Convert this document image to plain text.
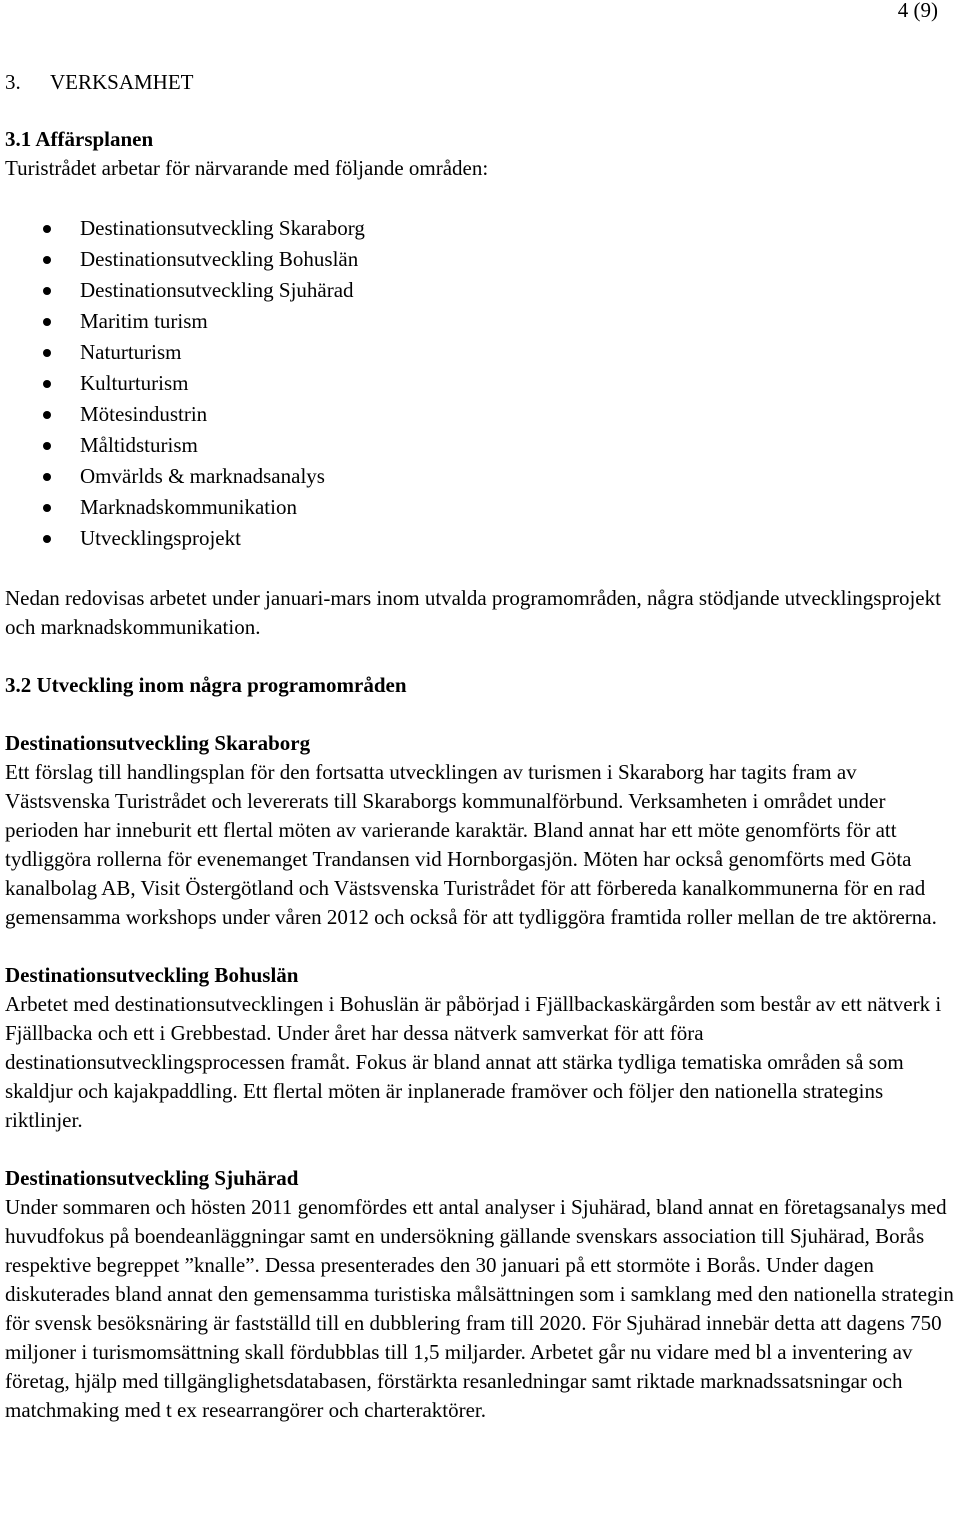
4 (9)

3. VERKSAMHET

3.1 Affärsplanen

Turistrådet arbetar för närvarande med följande områden:

Destinationsutveckling Skaraborg
Destinationsutveckling Bohuslän
Destinationsutveckling Sjuhärad
Maritim turism
Naturturism
Kulturturism
Mötesindustrin
Måltidsturism
Omvärlds & marknadsanalys
Marknadskommunikation
Utvecklingsprojekt

Nedan redovisas arbetet under januari-mars inom utvalda programområden, några stödjande utvecklingsprojekt och marknadskommunikation.

3.2 Utveckling inom några programområden

Destinationsutveckling Skaraborg

Ett förslag till handlingsplan för den fortsatta utvecklingen av turismen i Skaraborg har tagits fram av Västsvenska Turistrådet och levererats till Skaraborgs kommunalförbund. Verksamheten i området under perioden har inneburit ett flertal möten av varierande karaktär. Bland annat har ett möte genomförts för att tydliggöra rollerna för evenemanget Trandansen vid Hornborgasjön. Möten har också genomförts med Göta kanalbolag AB, Visit Östergötland och Västsvenska Turistrådet för att förbereda kanalkommunerna för en rad gemensamma workshops under våren 2012 och också för att tydliggöra framtida roller mellan de tre aktörerna.

Destinationsutveckling Bohuslän

Arbetet med destinationsutvecklingen i Bohuslän är påbörjad i Fjällbackaskärgården som består av ett nätverk i Fjällbacka och ett i Grebbestad. Under året har dessa nätverk samverkat för att föra destinationsutvecklingsprocessen framåt. Fokus är bland annat att stärka tydliga tematiska områden så som skaldjur och kajakpaddling. Ett flertal möten är inplanerade framöver och följer den nationella strategins riktlinjer.

Destinationsutveckling Sjuhärad

Under sommaren och hösten 2011 genomfördes ett antal analyser i Sjuhärad, bland annat en företagsanalys med huvudfokus på boendeanläggningar samt en undersökning gällande svenskars association till Sjuhärad, Borås respektive begreppet ”knalle”. Dessa presenterades den 30 januari på ett stormöte i Borås. Under dagen diskuterades bland annat den gemensamma turistiska målsättningen som i samklang med den nationella strategin för svensk besöksnäring är fastställd till en dubblering fram till 2020. För Sjuhärad innebär detta att dagens 750 miljoner i turismomsättning skall fördubblas till 1,5 miljarder. Arbetet går nu vidare med bl a inventering av företag, hjälp med tillgänglighetsdatabasen, förstärkta resanledningar samt riktade marknadssatsningar och matchmaking med t ex researrangörer och charteraktörer.
